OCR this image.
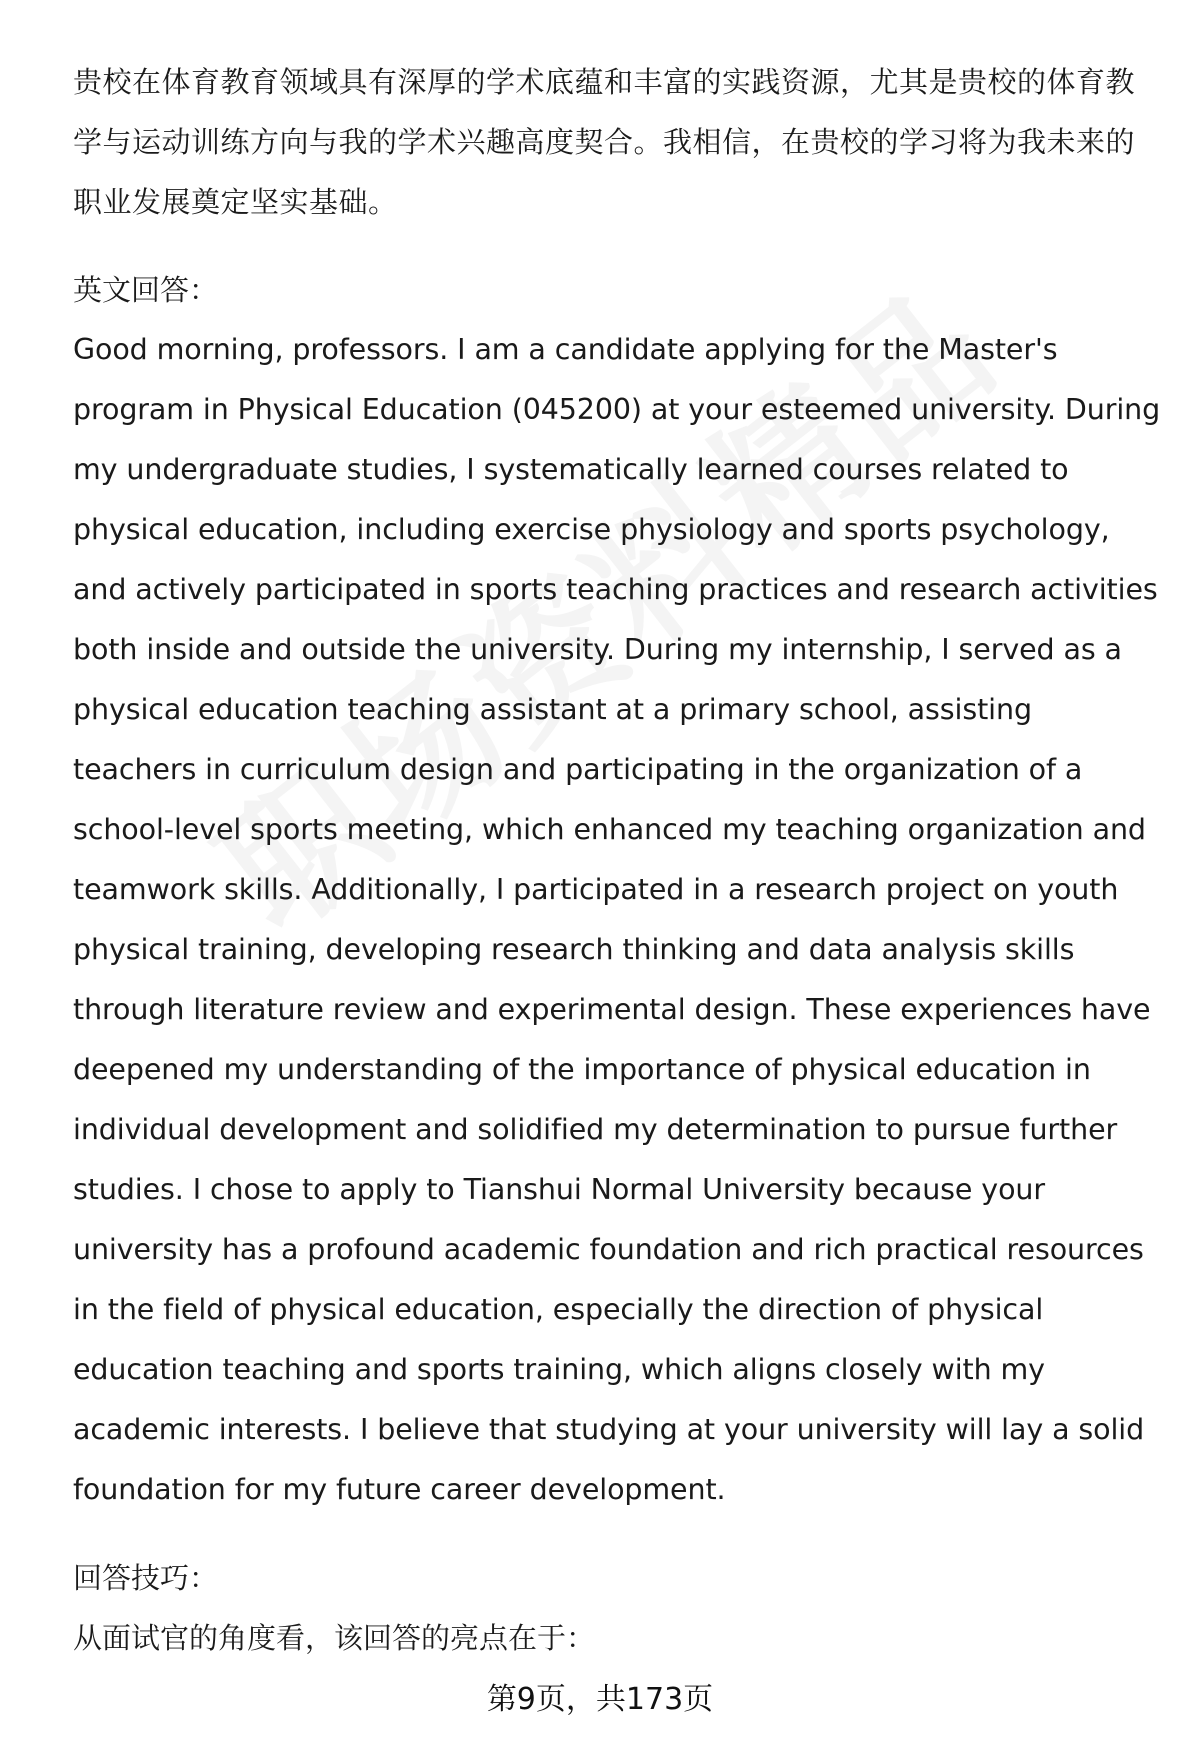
贵校在体育教育领域具有深厚的学术底蕴和丰富的实践资源，尤其是贵校的体育教学与运动训练方向与我的学术兴趣高度契合。我相信，在贵校的学习将为我未来的职业发展奠定坚实基础。

英文回答：

Good morning, professors. I am a candidate applying for the Master's program in Physical Education (045200) at your esteemed university. During my undergraduate studies, I systematically learned courses related to physical education, including exercise physiology and sports psychology, and actively participated in sports teaching practices and research activities both inside and outside the university. During my internship, I served as a physical education teaching assistant at a primary school, assisting teachers in curriculum design and participating in the organization of a school-level sports meeting, which enhanced my teaching organization and teamwork skills. Additionally, I participated in a research project on youth physical training, developing research thinking and data analysis skills through literature review and experimental design. These experiences have deepened my understanding of the importance of physical education in individual development and solidified my determination to pursue further studies. I chose to apply to Tianshui Normal University because your university has a profound academic foundation and rich practical resources in the field of physical education, especially the direction of physical education teaching and sports training, which aligns closely with my academic interests. I believe that studying at your university will lay a solid foundation for my future career development.

回答技巧：

从面试官的角度看，该回答的亮点在于：

第9页，共173页
